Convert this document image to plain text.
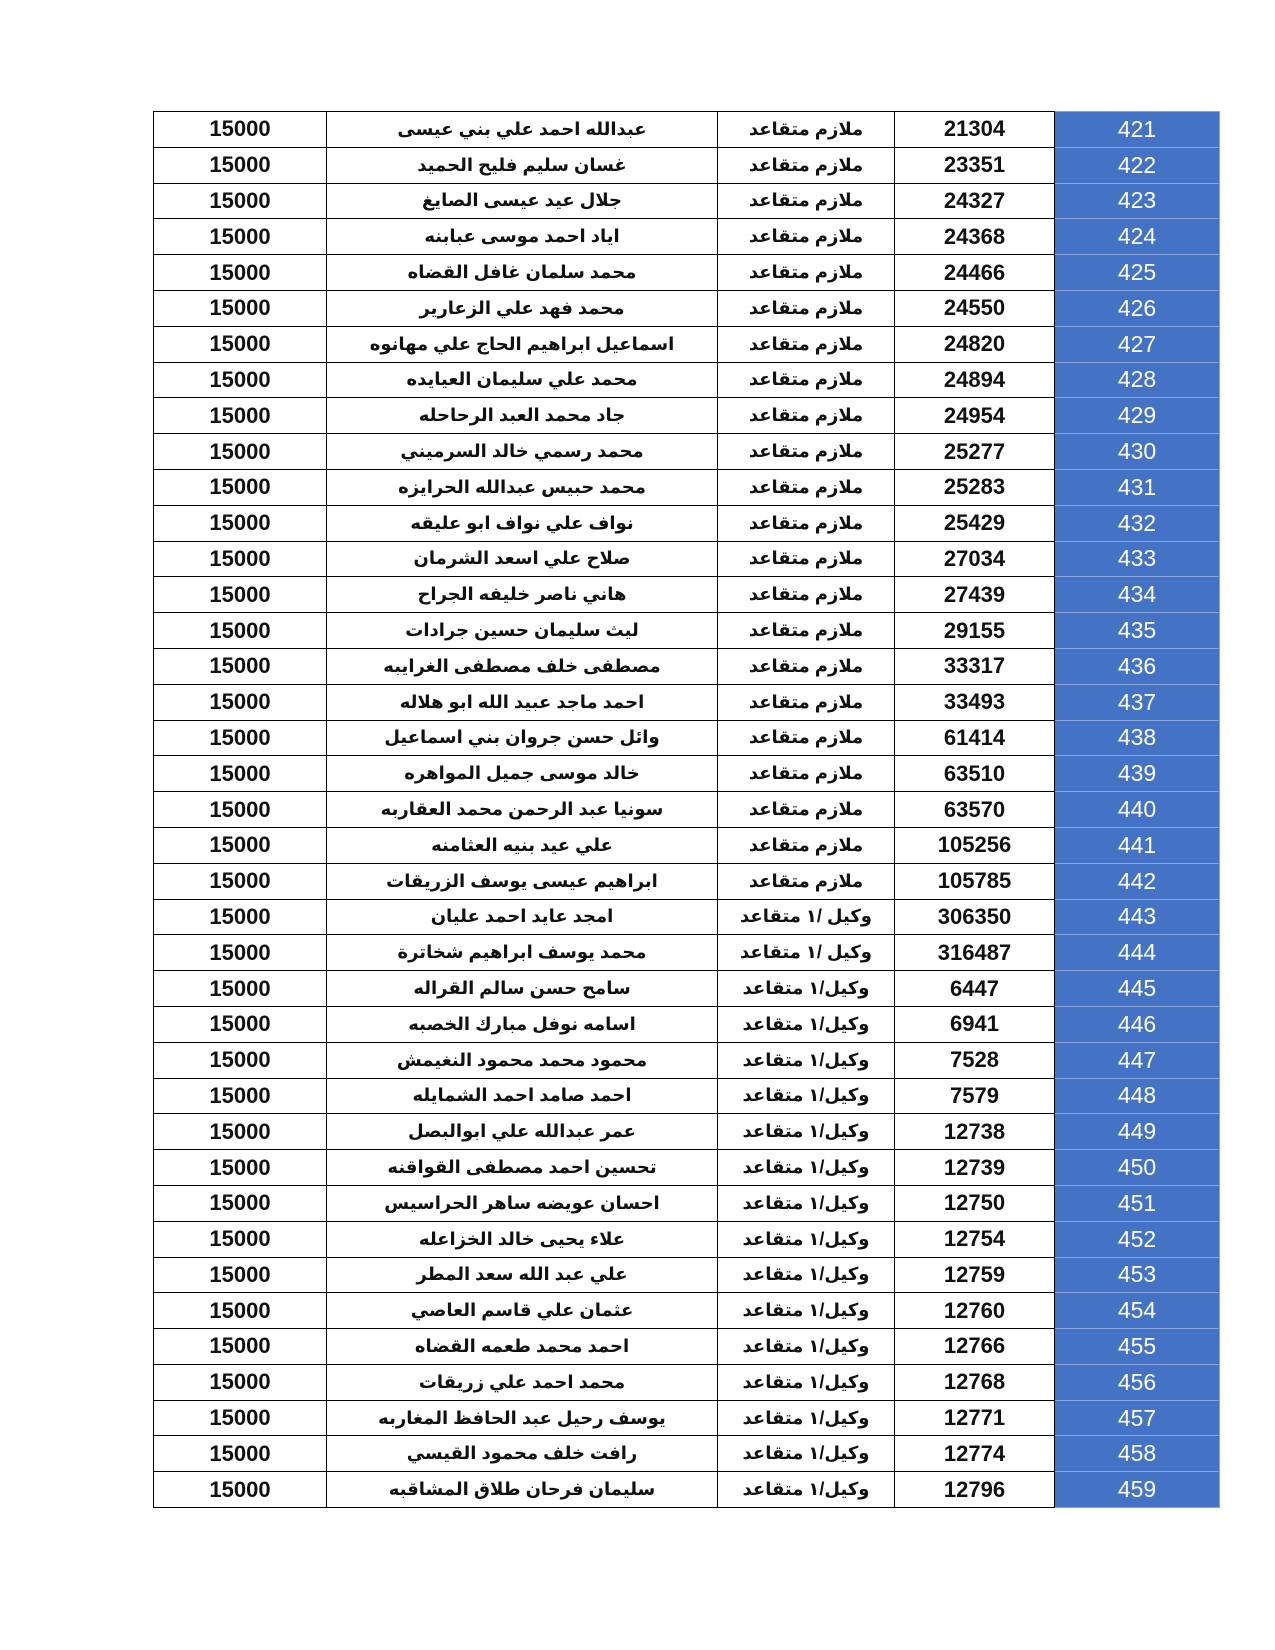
15000	عبدالله احمد علي بني عيسى	ملازم متقاعد	21304	421
15000	غسان سليم فليح الحميد	ملازم متقاعد	23351	422
15000	جلال عيد عيسى الصايغ	ملازم متقاعد	24327	423
15000	اياد احمد موسى عبابنه	ملازم متقاعد	24368	424
15000	محمد سلمان غافل القضاه	ملازم متقاعد	24466	425
15000	محمد فهد علي الزعارير	ملازم متقاعد	24550	426
15000	اسماعيل ابراهيم الحاج علي مهانوه	ملازم متقاعد	24820	427
15000	محمد علي سليمان العيايده	ملازم متقاعد	24894	428
15000	جاد محمد العبد الرحاحله	ملازم متقاعد	24954	429
15000	محمد رسمي خالد السرميني	ملازم متقاعد	25277	430
15000	محمد حبيس عبدالله الحرايزه	ملازم متقاعد	25283	431
15000	نواف علي نواف ابو عليقه	ملازم متقاعد	25429	432
15000	صلاح علي اسعد الشرمان	ملازم متقاعد	27034	433
15000	هاني ناصر خليفه الجراح	ملازم متقاعد	27439	434
15000	ليث سليمان حسين جرادات	ملازم متقاعد	29155	435
15000	مصطفى خلف مصطفى الغرايبه	ملازم متقاعد	33317	436
15000	احمد ماجد عبيد الله ابو هلاله	ملازم متقاعد	33493	437
15000	وائل حسن جروان بني اسماعيل	ملازم متقاعد	61414	438
15000	خالد موسى جميل المواهره	ملازم متقاعد	63510	439
15000	سونيا عبد الرحمن محمد العقاربه	ملازم متقاعد	63570	440
15000	علي عيد بنيه العثامنه	ملازم متقاعد	105256	441
15000	ابراهيم عيسى يوسف الزريقات	ملازم متقاعد	105785	442
15000	امجد عايد احمد عليان	وكيل /١ متقاعد	306350	443
15000	محمد يوسف ابراهيم شخاترة	وكيل /١ متقاعد	316487	444
15000	سامح حسن سالم القراله	وكيل/١ متقاعد	6447	445
15000	اسامه نوفل مبارك الخصبه	وكيل/١ متقاعد	6941	446
15000	محمود محمد محمود النغيمش	وكيل/١ متقاعد	7528	447
15000	احمد صامد احمد الشمايله	وكيل/١ متقاعد	7579	448
15000	عمر عبدالله علي ابوالبصل	وكيل/١ متقاعد	12738	449
15000	تحسين احمد مصطفى القواقنه	وكيل/١ متقاعد	12739	450
15000	احسان عويضه ساهر الحراسيس	وكيل/١ متقاعد	12750	451
15000	علاء يحيى خالد الخزاعله	وكيل/١ متقاعد	12754	452
15000	علي عبد الله سعد المطر	وكيل/١ متقاعد	12759	453
15000	عثمان علي قاسم العاصي	وكيل/١ متقاعد	12760	454
15000	احمد محمد طعمه القضاه	وكيل/١ متقاعد	12766	455
15000	محمد احمد علي زريقات	وكيل/١ متقاعد	12768	456
15000	يوسف رحيل عبد الحافظ المغاربه	وكيل/١ متقاعد	12771	457
15000	رافت خلف محمود القيسي	وكيل/١ متقاعد	12774	458
15000	سليمان فرحان طلاق المشاقبه	وكيل/١ متقاعد	12796	459
